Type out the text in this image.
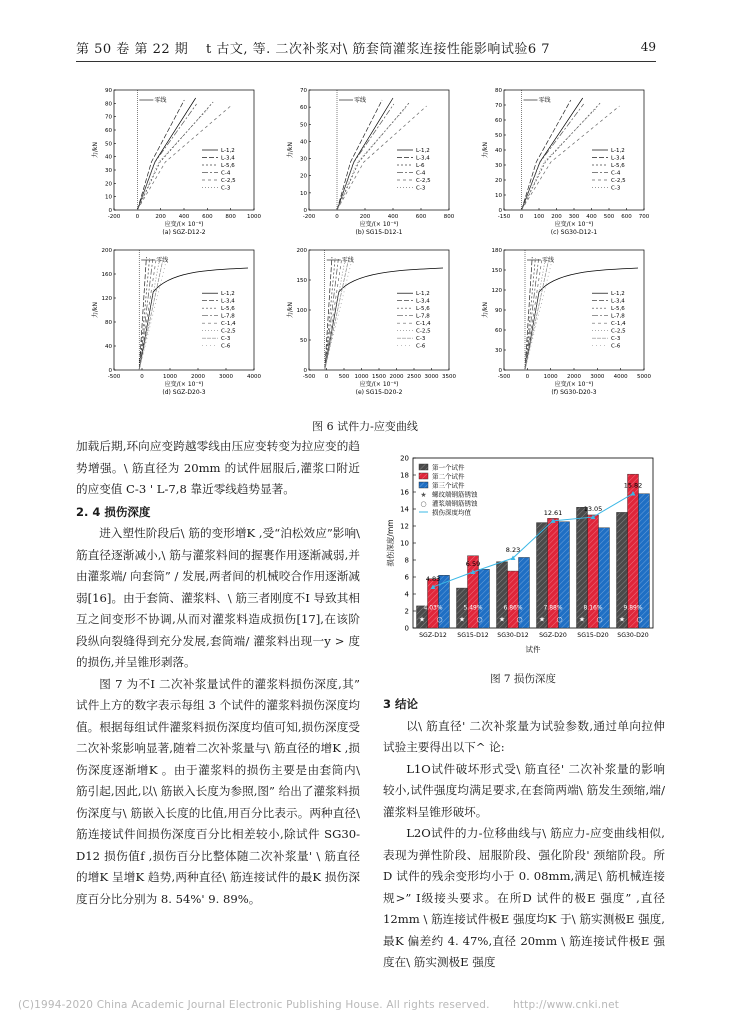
第 50 卷 第 22 期 t 古文, 等. 二次补浆对\ 筋套筒灌浆连接性能影响试验6 7	49
-200	0	200 400 600 800 1000
0
10
20
30
40
50
60
70
80
90
力/kN
应变/(× 10⁻⁶)
(a) SGZ-D12-2
零线
L-1,2
L-3,4
L-5,6
C-4
C-2,5
C-3
-200	0	200	400	600	800
0
10
20
30
40
50
60
70
力/kN
应变/(× 10⁻⁶)
(b) SG15-D12-1
零线
L-1,2
L-3,4
L-6
C-4
C-2,5
C-3
-150 0 100 200 300 400 500 600 700
0
10
20
30
40
50
60
70
80
力/kN
应变/(× 10⁻⁶)
(c) SG30-D12-1
零线
L-1,2
L-3,4
L-5,6
C-4
C-2,5
C-3
-500	0	1000	2000	3000	4000
0
40
80
120
160
200
力/kN
应变/(× 10⁻⁶)
(d) SGZ-D20-3
零线
L-1,2
L-3,4
L-5,6
L-7,8
C-1,4
C-2,5
C-3
C-6
-500 0 500 1000 1500 2000 2500 3000 3500
0
50
100
150
200
力/kN
应变/(× 10⁻⁶)
(e) SG15-D20-2
零线
L-1,2
L-3,4
L-5,6
L-7,8
C-1,4
C-2,5
C-3
C-6
-500	0	1000 2000 3000 4000 5000
0
30
60
90
120
150
180
力/kN
应变/(× 10⁻⁶)
(f) SG30-D20-3
零线
L-1,2
L-3,4
L-5,6
L-7,8
C-1,4
C-2,5
C-3
C-6
图 6 试件力-应变曲线

加载后期,环向应变跨越零线由压应变转变为拉应变的趋势增强。\ 筋直径为 20mm 的试件屈服后,灌浆口附近的应变值 C-3 ' L-7,8 靠近零线趋势显著。

2. 4 损伤深度

进入塑性阶段后\ 筋的变形增K ,受“泊松效应”影响\ 筋直径逐渐减小,\ 筋与灌浆料间的握裹作用逐渐减弱,并由灌浆端/ 向套筒” / 发展,两者间的机械咬合作用逐渐减弱[16]。由于套筒、灌浆料、\ 筋三者刚度不I 导致其相互之间变形不协调,从而对灌浆料造成损伤[17],在该阶段纵向裂缝得到充分发展,套筒端/ 灌浆料出现一y > 度的损伤,并呈锥形剥落。

图 7 为不I 二次补浆量试件的灌浆料损伤深度,其” 试件上方的数字表示每组 3 个试件的灌浆料损伤深度均值。根据每组试件灌浆料损伤深度均值可知,损伤深度受二次补浆影响显著,随着二次补浆量与\ 筋直径的增K ,损伤深度逐渐增K 。由于灌浆料的损伤主要是由套筒内\ 筋引起,因此,以\ 筋嵌入长度为参照,图” 给出了灌浆料损伤深度与\ 筋嵌入长度的比值,用百分比表示。两种直径\ 筋连接试件间损伤深度百分比相差较小,除试件 SG30-D12 损伤值f ,损伤百分比整体随二次补浆量' \ 筋直径的增K 呈增K 趋势,两种直径\ 筋连接试件的最K 损伤深度百分比分别为 8. 54%' 9. 89%。

0
2
4
6
8
10
12
14
16
18
20
损伤深度/mm
试件
SGZ-D12
4.83
4.03%
★ ○
SG15-D12
6.59
5.49%
★ ○
SG30-D12
8.23
6.86%
★ ○
SGZ-D20
12.61
7.88%
★ ○
SG15-D20
13.05
8.16%
★ ○
SG30-D20
15.82
9.89%
★ ○
第一个试件
第二个试件
第三个试件
★ 螺纹端钢筋锈蚀
○ 灌浆端钢筋锈蚀
损伤深度均值
图 7 损伤深度

3 结论

以\ 筋直径' 二次补浆量为试验参数,通过单向拉伸试验主要得出以下^ 论:

L1O试件破坏形式受\ 筋直径' 二次补浆量的影响较小,试件强度均满足要求,在套筒两端\ 筋发生颈缩,端/ 灌浆料呈锥形破坏。

L2O试件的力-位移曲线与\ 筋应力-应变曲线相似,表现为弹性阶段、屈服阶段、强化阶段' 颈缩阶段。所D 试件的残余变形均小于 0. 08mm,满足\ 筋机械连接规>” Ⅰ级接头要求。在所D 试件的极E 强度” ,直径 12mm \ 筋连接试件极E 强度均K 于\ 筋实测极E 强度,最K 偏差约 4. 47%,直径 20mm \ 筋连接试件极E 强度在\ 筋实测极E 强度

(C)1994-2020 China Academic Journal Electronic Publishing House. All rights reserved. http://www.cnki.net
